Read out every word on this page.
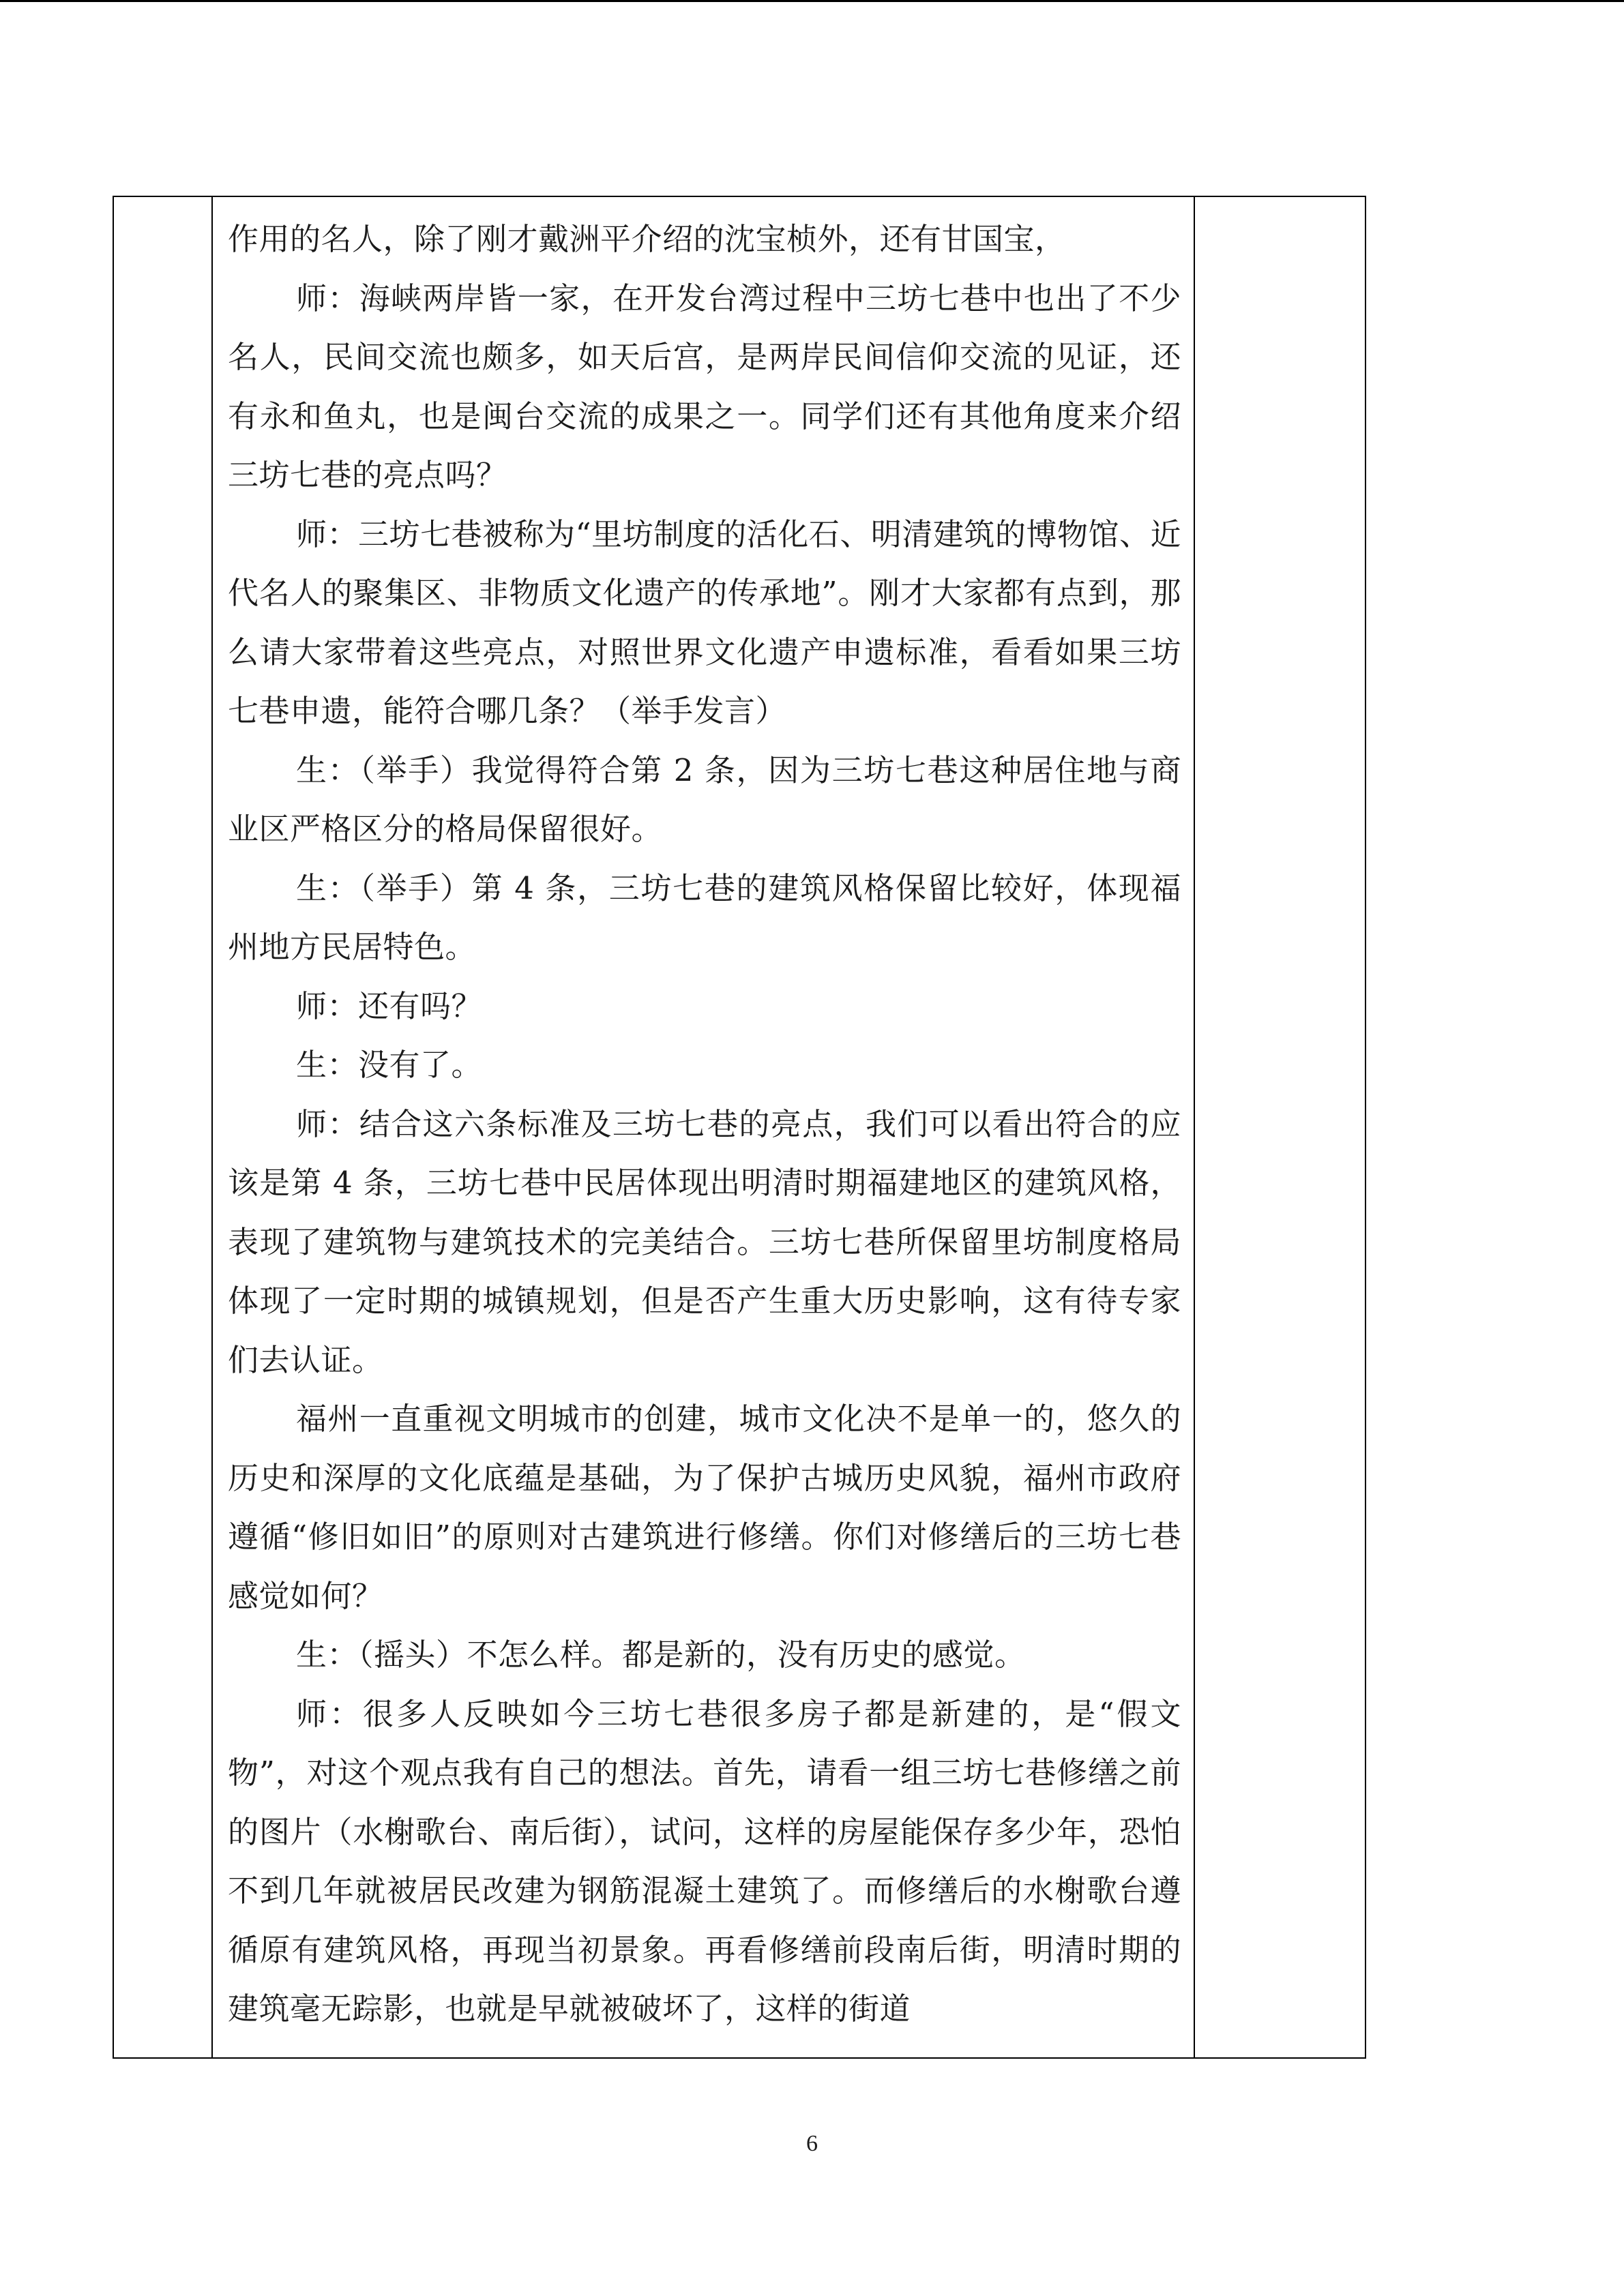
作用的名人，除了刚才戴洲平介绍的沈宝桢外，还有甘国宝，

师：海峡两岸皆一家，在开发台湾过程中三坊七巷中也出了不少名人，民间交流也颇多，如天后宫，是两岸民间信仰交流的见证，还有永和鱼丸，也是闽台交流的成果之一。同学们还有其他角度来介绍三坊七巷的亮点吗？

师：三坊七巷被称为“里坊制度的活化石、明清建筑的博物馆、近代名人的聚集区、非物质文化遗产的传承地”。刚才大家都有点到，那么请大家带着这些亮点，对照世界文化遗产申遗标准，看看如果三坊七巷申遗，能符合哪几条？（举手发言）

生：（举手）我觉得符合第 2 条，因为三坊七巷这种居住地与商业区严格区分的格局保留很好。

生：（举手）第 4 条，三坊七巷的建筑风格保留比较好，体现福州地方民居特色。

师：还有吗？

生：没有了。

师：结合这六条标准及三坊七巷的亮点，我们可以看出符合的应该是第 4 条，三坊七巷中民居体现出明清时期福建地区的建筑风格，表现了建筑物与建筑技术的完美结合。三坊七巷所保留里坊制度格局体现了一定时期的城镇规划，但是否产生重大历史影响，这有待专家们去认证。

福州一直重视文明城市的创建，城市文化决不是单一的，悠久的历史和深厚的文化底蕴是基础，为了保护古城历史风貌，福州市政府遵循“修旧如旧”的原则对古建筑进行修缮。你们对修缮后的三坊七巷感觉如何？

生：（摇头）不怎么样。都是新的，没有历史的感觉。

师：很多人反映如今三坊七巷很多房子都是新建的，是“假文物”，对这个观点我有自己的想法。首先，请看一组三坊七巷修缮之前的图片（水榭歌台、南后街），试问，这样的房屋能保存多少年，恐怕不到几年就被居民改建为钢筋混凝土建筑了。而修缮后的水榭歌台遵循原有建筑风格，再现当初景象。再看修缮前段南后街，明清时期的建筑毫无踪影，也就是早就被破坏了，这样的街道

6
